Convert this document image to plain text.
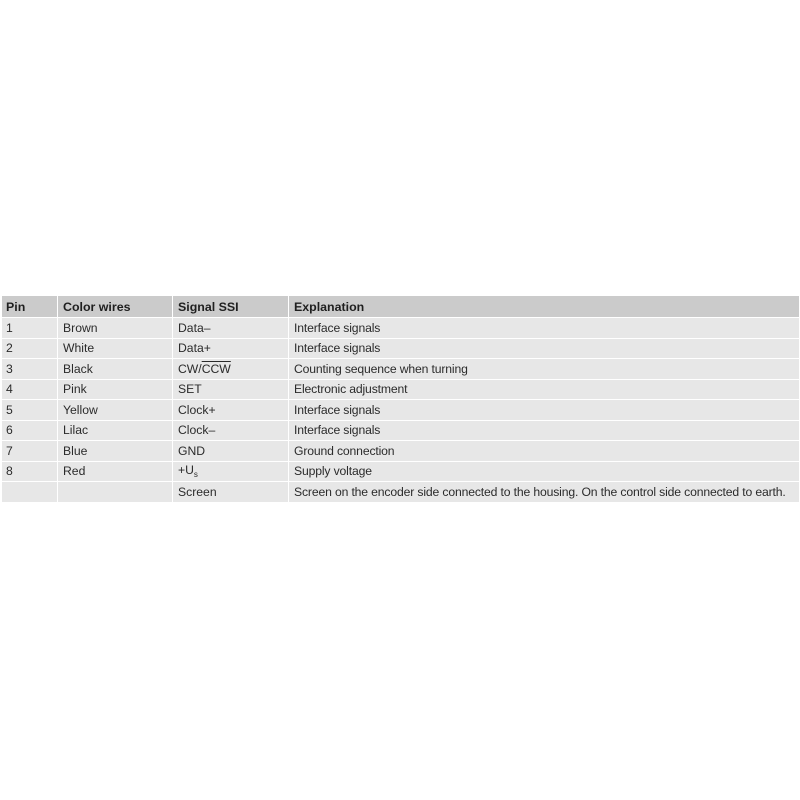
Pin	Color wires	Signal SSI	Explanation
1	Brown	Data–	Interface signals
2	White	Data+	Interface signals
3	Black	$CW/\overline{CCW}$	Counting sequence when turning
4	Pink	SET	Electronic adjustment
5	Yellow	Clock+	Interface signals
6	Lilac	Clock–	Interface signals
7	Blue	GND	Ground connection
8	Red	$+U_s$	Supply voltage
		Screen	Screen on the encoder side connected to the housing. On the control side connected to earth.
